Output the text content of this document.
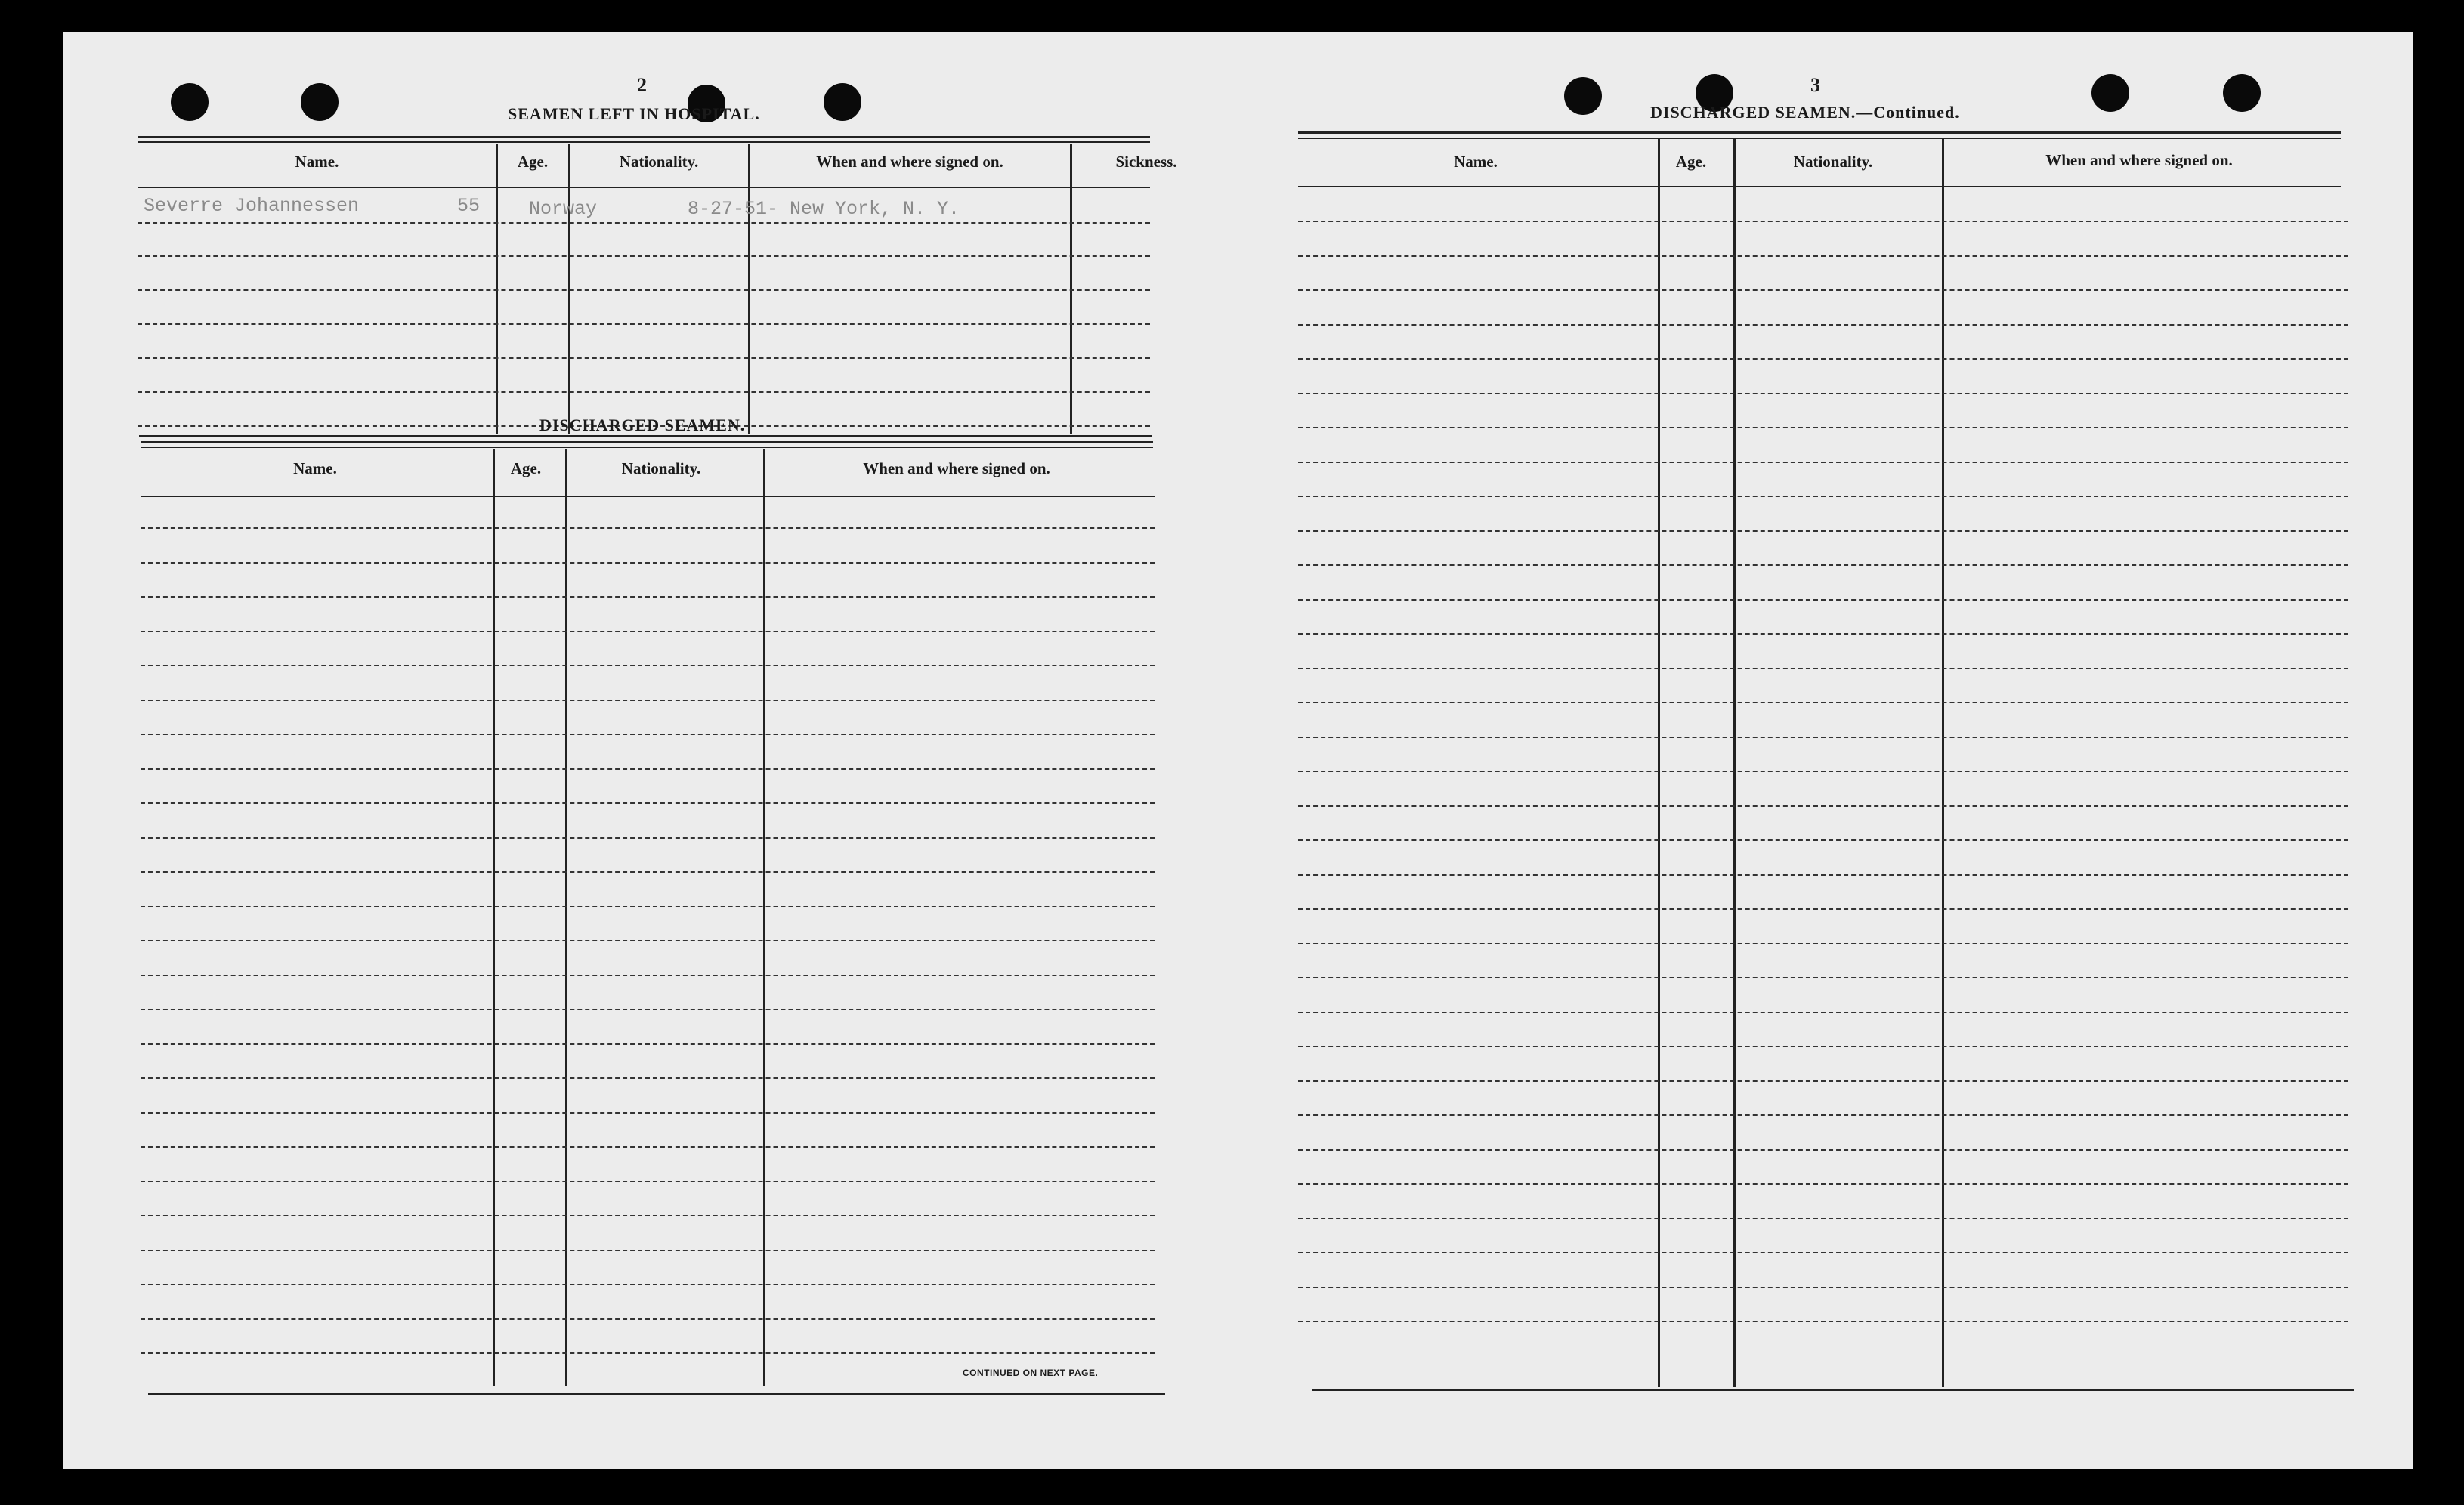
2
SEAMEN LEFT IN HOSPITAL.
Name.	Age.	Nationality.	When and where signed on.	Sickness.
Severre Johannessen	55	Norway	8-27-51- New York, N. Y.
DISCHARGED SEAMEN.
Name.	Age.	Nationality.	When and where signed on.
CONTINUED ON NEXT PAGE.
3
DISCHARGED SEAMEN.—Continued.
Name.	Age.	Nationality.	When and where signed on.
